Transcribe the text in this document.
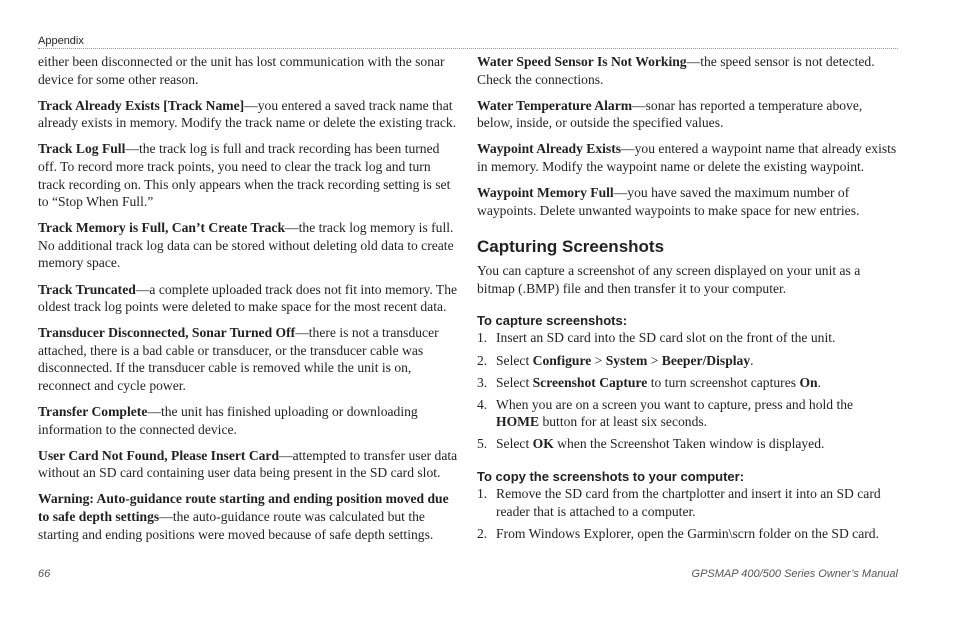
Appendix

either been disconnected or the unit has lost communication with the sonar device for some other reason.

Track Already Exists [Track Name]—you entered a saved track name that already exists in memory. Modify the track name or delete the existing track.

Track Log Full—the track log is full and track recording has been turned off. To record more track points, you need to clear the track log and turn track recording on. This only appears when the track recording setting is set to “Stop When Full.”

Track Memory is Full, Can’t Create Track—the track log memory is full. No additional track log data can be stored without deleting old data to create memory space.

Track Truncated—a complete uploaded track does not fit into memory. The oldest track log points were deleted to make space for the most recent data.

Transducer Disconnected, Sonar Turned Off—there is not a transducer attached, there is a bad cable or transducer, or the transducer cable was disconnected. If the transducer cable is removed while the unit is on, reconnect and cycle power.

Transfer Complete—the unit has finished uploading or downloading information to the connected device.

User Card Not Found, Please Insert Card—attempted to transfer user data without an SD card containing user data being present in the SD card slot.

Warning: Auto-guidance route starting and ending position moved due to safe depth settings—the auto-guidance route was calculated but the starting and ending positions were moved because of safe depth settings.

Water Speed Sensor Is Not Working—the speed sensor is not detected. Check the connections.

Water Temperature Alarm—sonar has reported a temperature above, below, inside, or outside the specified values.

Waypoint Already Exists—you entered a waypoint name that already exists in memory. Modify the waypoint name or delete the existing waypoint.

Waypoint Memory Full—you have saved the maximum number of waypoints. Delete unwanted waypoints to make space for new entries.

Capturing Screenshots

You can capture a screenshot of any screen displayed on your unit as a bitmap (.BMP) file and then transfer it to your computer.

To capture screenshots:
1. Insert an SD card into the SD card slot on the front of the unit.
2. Select Configure > System > Beeper/Display.
3. Select Screenshot Capture to turn screenshot captures On.
4. When you are on a screen you want to capture, press and hold the HOME button for at least six seconds.
5. Select OK when the Screenshot Taken window is displayed.
To copy the screenshots to your computer:
1. Remove the SD card from the chartplotter and insert it into an SD card reader that is attached to a computer.
2. From Windows Explorer, open the Garmin\scrn folder on the SD card.
66	GPSMAP 400/500 Series Owner’s Manual
